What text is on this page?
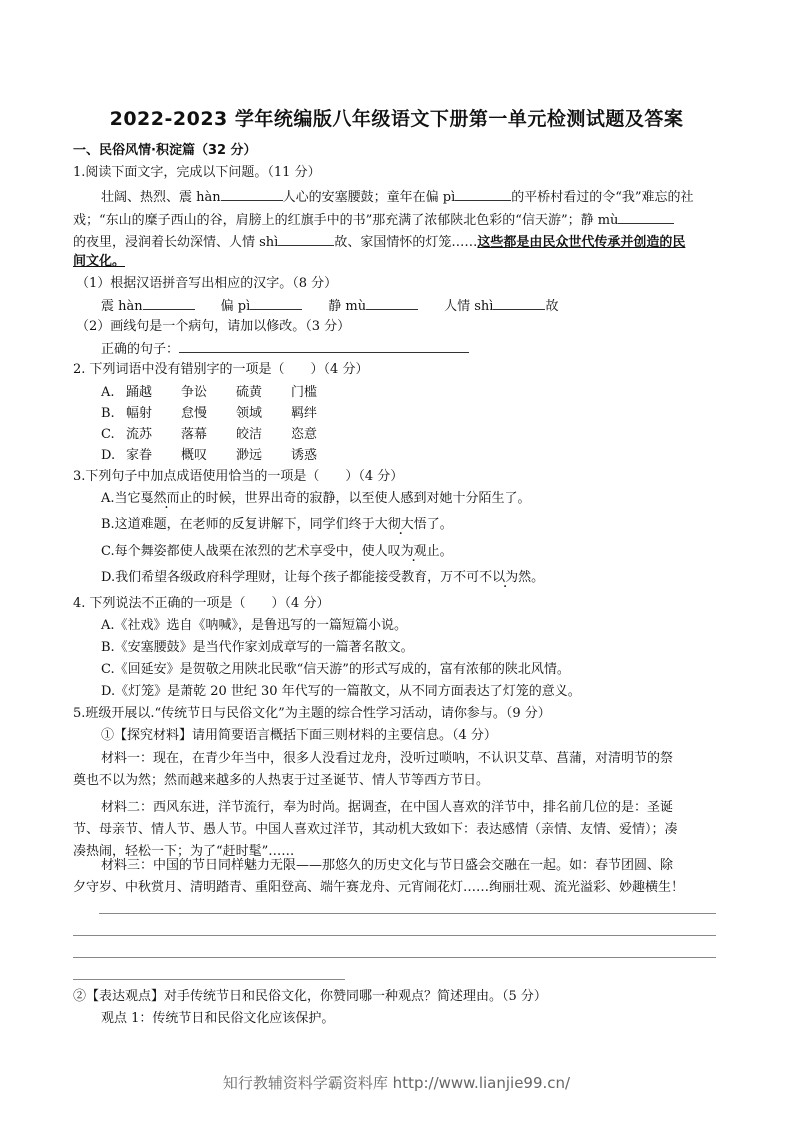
2022-2023 学年统编版八年级语文下册第一单元检测试题及答案
一、民俗风情·积淀篇（32 分）
1.阅读下面文字，完成以下问题。（11 分）
壮阔、热烈、震 hàn	人心的安塞腰鼓；童年在偏 pì	的平桥村看过的令“我”难忘的社
戏；“东山的糜子西山的谷，肩膀上的红旗手中的书”那充满了浓郁陕北色彩的“信天游”；静 mù
的夜里，浸润着长幼深情、人情 shì	故、家国情怀的灯笼……这些都是由民众世代传承并创造的民
间文化。
（1）根据汉语拼音写出相应的汉字。（8 分）
震 hàn	偏 pì	静 mù	人情 shì	故
（2）画线句是一个病句，请加以修改。（3 分）
正确的句子：
2. 下列词语中没有错别字的一项是（　　）（4 分）
A. 踊越 争讼 硫黄 门槛
B. 幅射 怠慢 领域 羁绊
C. 流苏 落幕 皎洁 恣意
D. 家眷 概叹 渺远 诱惑
3.下列句子中加点成语使用恰当的一项是（　　）（4 分）
A.当它戛然而止的时候，世界出奇的寂静，以至使人感到对她十分陌生了。
B.这道难题，在老师的反复讲解下，同学们终于大彻大悟了。
C.每个舞姿都使人战栗在浓烈的艺术享受中，使人叹为观止。
D.我们希望各级政府科学理财，让每个孩子都能接受教育，万不可不以为然。
4. 下列说法不正确的一项是（　　）（4 分）
A.《社戏》选自《呐喊》，是鲁迅写的一篇短篇小说。
B.《安塞腰鼓》是当代作家刘成章写的一篇著名散文。
C.《回延安》是贺敬之用陕北民歌“信天游”的形式写成的，富有浓郁的陕北风情。
D.《灯笼》是萧乾 20 世纪 30 年代写的一篇散文，从不同方面表达了灯笼的意义。
5.班级开展以.“传统节日与民俗文化”为主题的综合性学习活动，请你参与。（9 分）
①【探究材料】请用简要语言概括下面三则材料的主要信息。（4 分）
材料一：现在，在青少年当中，很多人没看过龙舟，没听过唢呐，不认识艾草、菖蒲，对清明节的祭
奠也不以为然；然而越来越多的人热衷于过圣诞节、情人节等西方节日。
材料二：西风东进，洋节流行，奉为时尚。据调查，在中国人喜欢的洋节中，排名前几位的是：圣诞
节、母亲节、情人节、愚人节。中国人喜欢过洋节，其动机大致如下：表达感情（亲情、友情、爱情）；凑
凑热闹，轻松一下；为了“赶时髦”……
材料三：中国的节日同样魅力无限——那悠久的历史文化与节日盛会交融在一起。如：春节团圆、除
夕守岁、中秋赏月、清明踏青、重阳登高、端午赛龙舟、元宵闹花灯……绚丽壮观、流光溢彩、妙趣横生！
②【表达观点】对手传统节日和民俗文化，你赞同哪一种观点？简述理由。（5 分）
观点 1：传统节日和民俗文化应该保护。
知行教辅资料学霸资料库 http://www.lianjie99.cn/
